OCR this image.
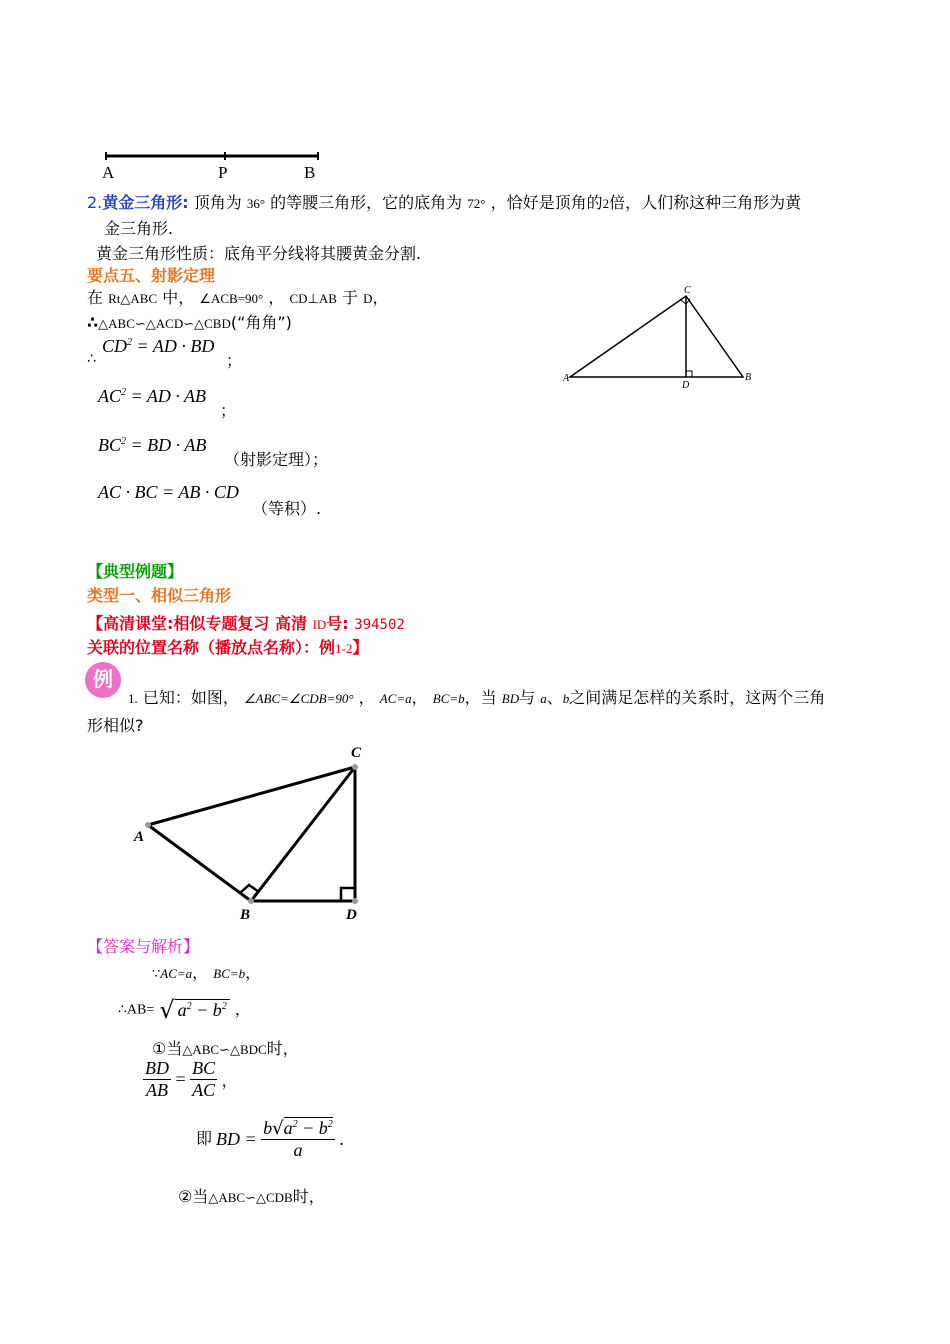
A	P	B
2.黄金三角形: 顶角为 36° 的等腰三角形，它的底角为 72° ，恰好是顶角的2倍，人们称这种三角形为黄
金三角形.
黄金三角形性质：底角平分线将其腰黄金分割.
要点五、射影定理
在 Rt△ABC 中， ∠ACB=90° ， CD⊥AB 于 D，
∴△ABC∽△ACD∽△CBD(“角角”)
∴
$CD^2$ = AD · BD
；
$AC^2$ = AD · AB
；
$BC^2$ = BD · AB
（射影定理）；
AC · BC = AB · CD
（等积）.
A	B
C
D
【典型例题】
类型一、相似三角形
【高清课堂:相似专题复习 高清 ID号: 394502
关联的位置名称（播放点名称）：例1-2】
例
1. 已知：如图， ∠ABC=∠CDB=90° ， AC=a， BC=b，当 BD与 a、b之间满足怎样的关系时，这两个三角
形相似?
A
B
C
D
【答案与解析】
∵AC=a， BC=b，
∴AB= √ $a^2 - b^2$ ，
①当△ABC∽△BDC时，
$\frac{BD}{AB} = \frac{BC}{AC}$ ，
即 BD = $\frac{b√a^2 - b^2}{a}$ .
②当△ABC∽△CDB时，
